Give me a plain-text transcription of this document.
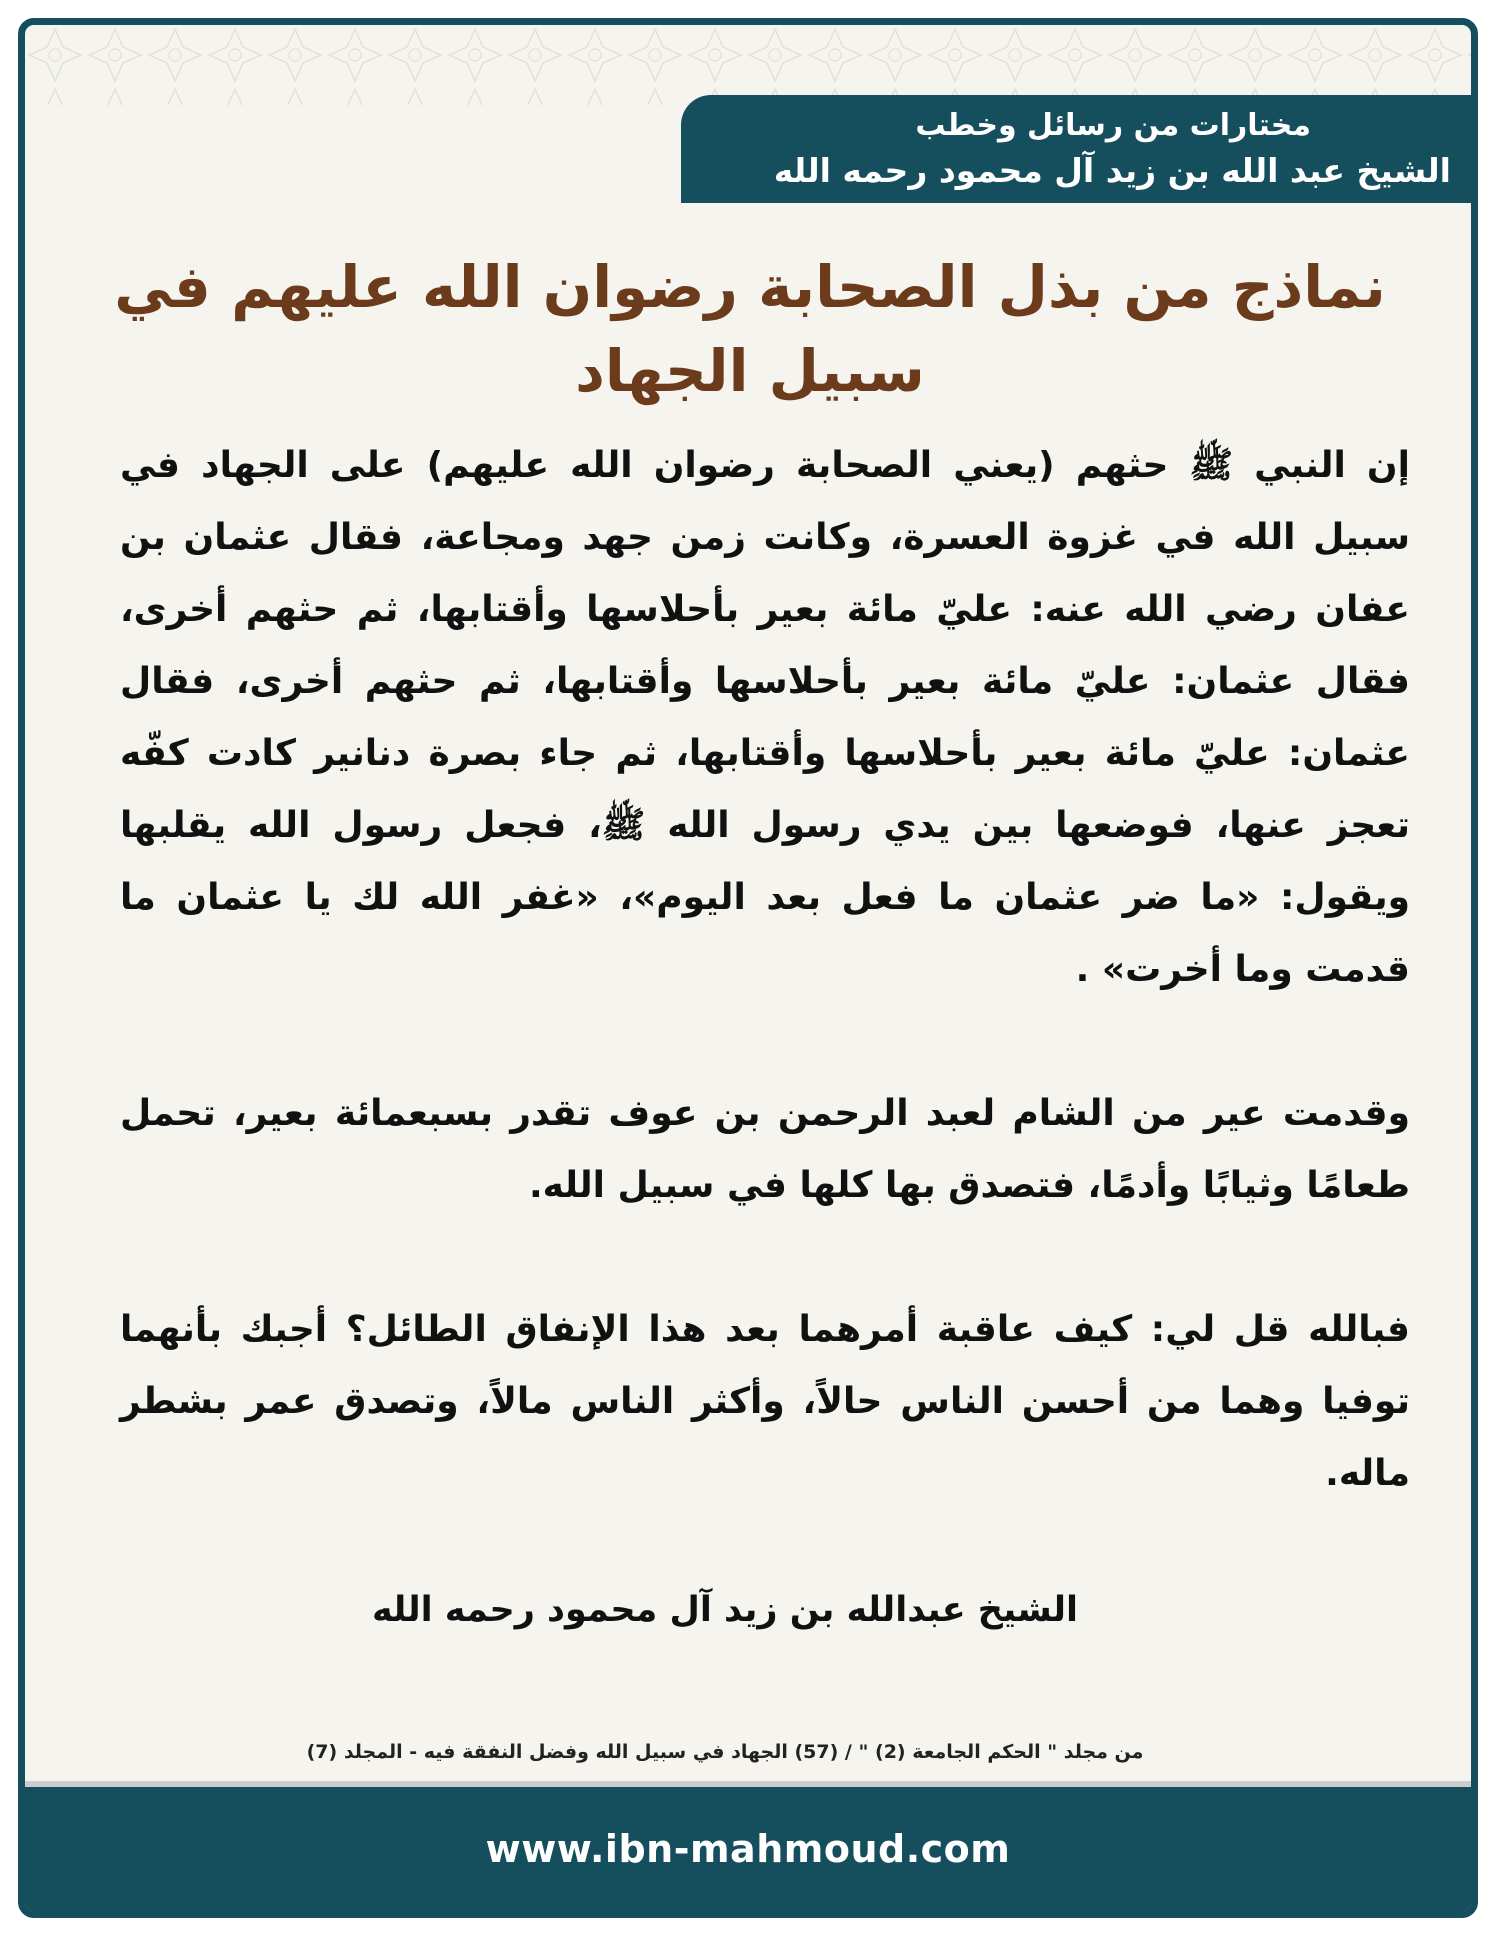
مختارات من رسائل وخطب
الشيخ عبد الله بن زيد آل محمود رحمه الله
نماذج من بذل الصحابة رضوان الله عليهم في سبيل الجهاد

إن النبي ﷺ حثهم (يعني الصحابة رضوان الله عليهم) على الجهاد في سبيل الله في غزوة العسرة، وكانت زمن جهد ومجاعة، فقال عثمان بن عفان رضي الله عنه: عليّ مائة بعير بأحلاسها وأقتابها، ثم حثهم أخرى، فقال عثمان: عليّ مائة بعير بأحلاسها وأقتابها، ثم حثهم أخرى، فقال عثمان: عليّ مائة بعير بأحلاسها وأقتابها، ثم جاء بصرة دنانير كادت كفّه تعجز عنها، فوضعها بين يدي رسول الله ﷺ، فجعل رسول الله يقلبها ويقول: «ما ضر عثمان ما فعل بعد اليوم»، «غفر الله لك يا عثمان ما قدمت وما أخرت» .

وقدمت عير من الشام لعبد الرحمن بن عوف تقدر بسبعمائة بعير، تحمل طعامًا وثيابًا وأدمًا، فتصدق بها كلها في سبيل الله.

فبالله قل لي: كيف عاقبة أمرهما بعد هذا الإنفاق الطائل؟ أجبك بأنهما توفيا وهما من أحسن الناس حالاً، وأكثر الناس مالاً، وتصدق عمر بشطر ماله.

الشيخ عبدالله بن زيد آل محمود رحمه الله
من مجلد " الحكم الجامعة (2) " / (57) الجهاد في سبيل الله وفضل النفقة فيه - المجلد (7)
www.ibn-mahmoud.com
